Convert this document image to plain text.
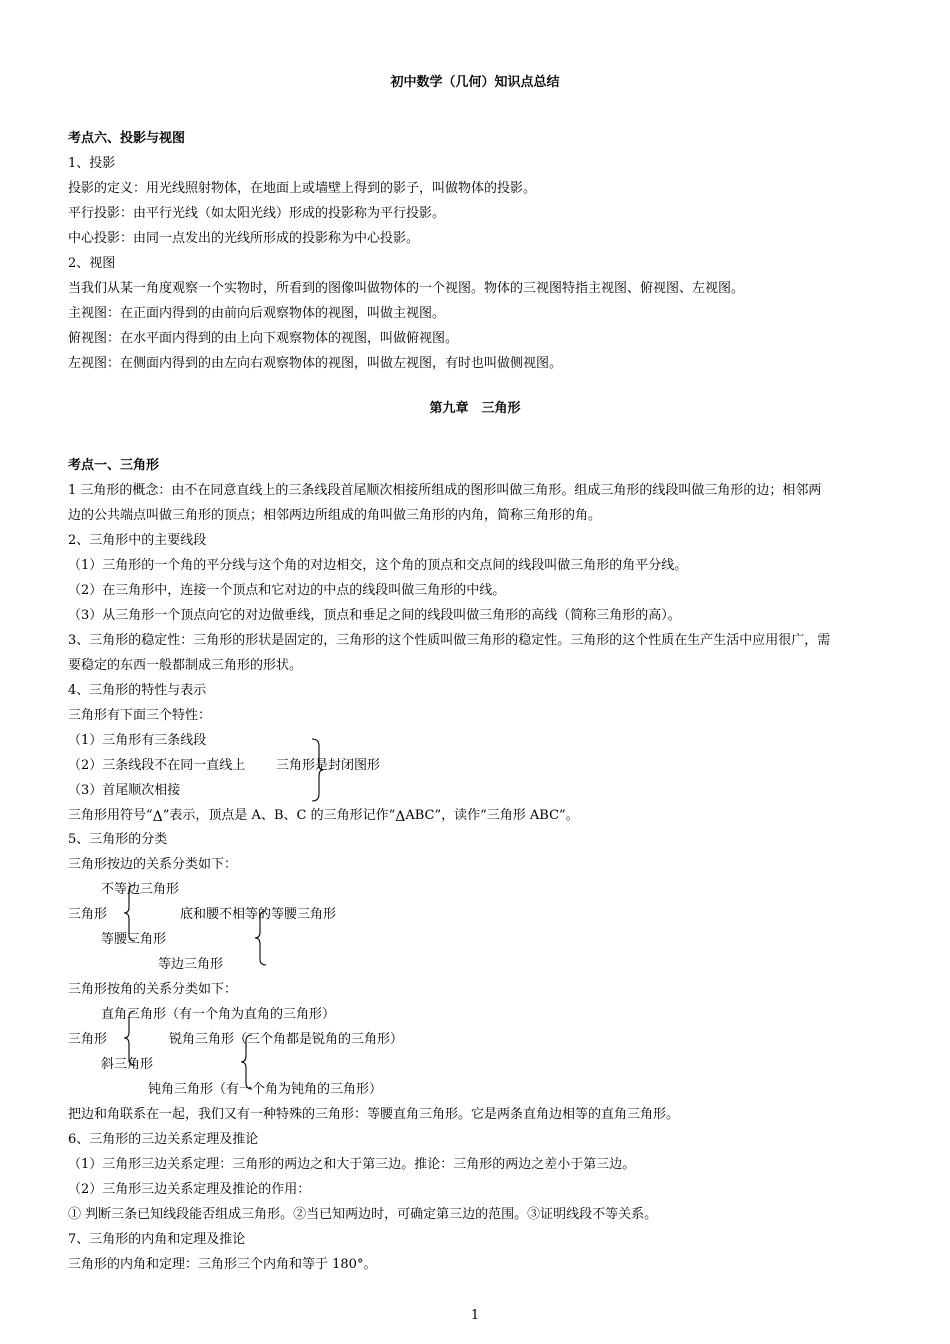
初中数学（几何）知识点总结
考点六、投影与视图
1、投影
投影的定义：用光线照射物体，在地面上或墙壁上得到的影子，叫做物体的投影。
平行投影：由平行光线（如太阳光线）形成的投影称为平行投影。
中心投影：由同一点发出的光线所形成的投影称为中心投影。
2、视图
当我们从某一角度观察一个实物时，所看到的图像叫做物体的一个视图。物体的三视图特指主视图、俯视图、左视图。
主视图：在正面内得到的由前向后观察物体的视图，叫做主视图。
俯视图：在水平面内得到的由上向下观察物体的视图，叫做俯视图。
左视图：在侧面内得到的由左向右观察物体的视图，叫做左视图，有时也叫做侧视图。
第九章　三角形
考点一、三角形
1 三角形的概念：由不在同意直线上的三条线段首尾顺次相接所组成的图形叫做三角形。组成三角形的线段叫做三角形的边；相邻两
边的公共端点叫做三角形的顶点；相邻两边所组成的角叫做三角形的内角，简称三角形的角。
2、三角形中的主要线段
（1）三角形的一个角的平分线与这个角的对边相交，这个角的顶点和交点间的线段叫做三角形的角平分线。
（2）在三角形中，连接一个顶点和它对边的中点的线段叫做三角形的中线。
（3）从三角形一个顶点向它的对边做垂线，顶点和垂足之间的线段叫做三角形的高线（简称三角形的高）。
3、三角形的稳定性：三角形的形状是固定的，三角形的这个性质叫做三角形的稳定性。三角形的这个性质在生产生活中应用很广，需
要稳定的东西一般都制成三角形的形状。
4、三角形的特性与表示
三角形有下面三个特性：
（1）三角形有三条线段
（2）三条线段不在同一直线上 三角形是封闭图形
（3）首尾顺次相接
三角形用符号“Δ”表示，顶点是 A、B、C 的三角形记作“ΔABC”，读作“三角形 ABC”。
5、三角形的分类
三角形按边的关系分类如下：
不等边三角形
三角形	底和腰不相等的等腰三角形
等腰三角形
等边三角形
三角形按角的关系分类如下：
直角三角形（有一个角为直角的三角形）
三角形	锐角三角形（三个角都是锐角的三角形）
斜三角形
钝角三角形（有一个角为钝角的三角形）
把边和角联系在一起，我们又有一种特殊的三角形：等腰直角三角形。它是两条直角边相等的直角三角形。
6、三角形的三边关系定理及推论
（1）三角形三边关系定理：三角形的两边之和大于第三边。推论：三角形的两边之差小于第三边。
（2）三角形三边关系定理及推论的作用：
① 判断三条已知线段能否组成三角形。②当已知两边时，可确定第三边的范围。③证明线段不等关系。
7、三角形的内角和定理及推论
三角形的内角和定理：三角形三个内角和等于 180°。
1
